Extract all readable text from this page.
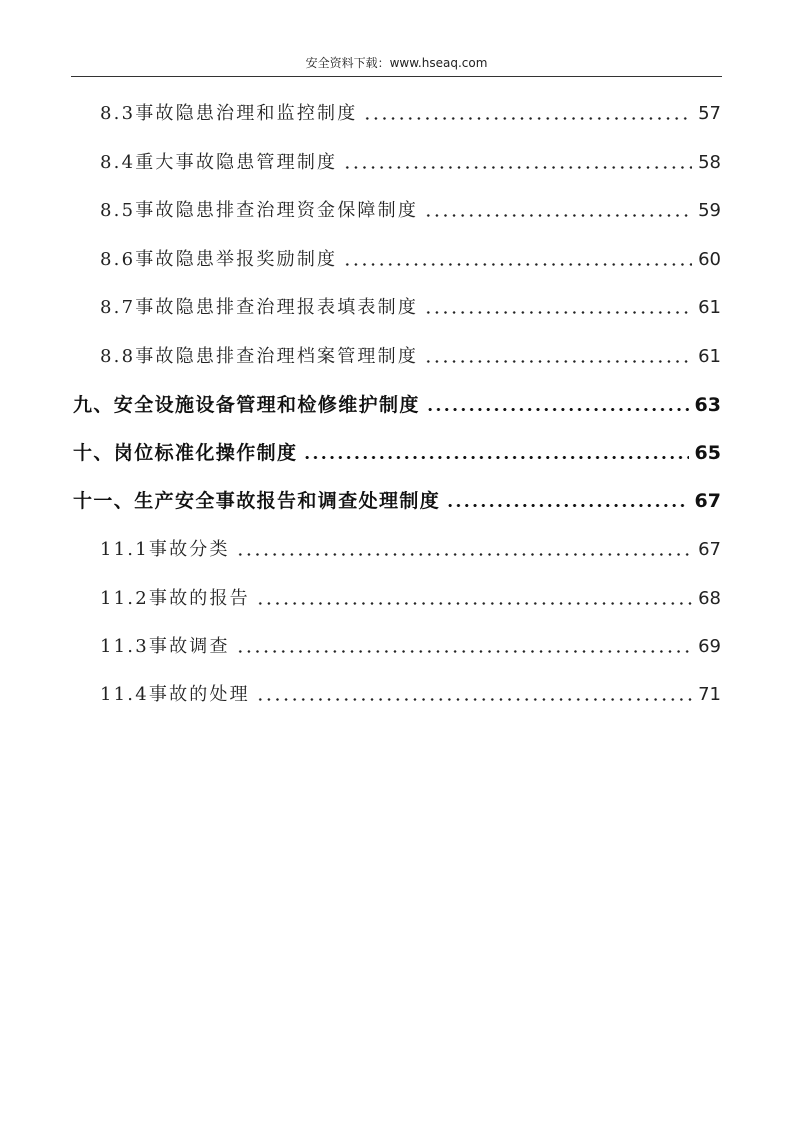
安全资料下载：www.hseaq.com
8.3事故隐患治理和监控制度	57
8.4重大事故隐患管理制度	58
8.5事故隐患排查治理资金保障制度	59
8.6事故隐患举报奖励制度	60
8.7事故隐患排查治理报表填表制度	61
8.8事故隐患排查治理档案管理制度	61
九、安全设施设备管理和检修维护制度	63
十、岗位标准化操作制度	65
十一、生产安全事故报告和调查处理制度	67
11.1事故分类	67
11.2事故的报告	68
11.3事故调查	69
11.4事故的处理	71
